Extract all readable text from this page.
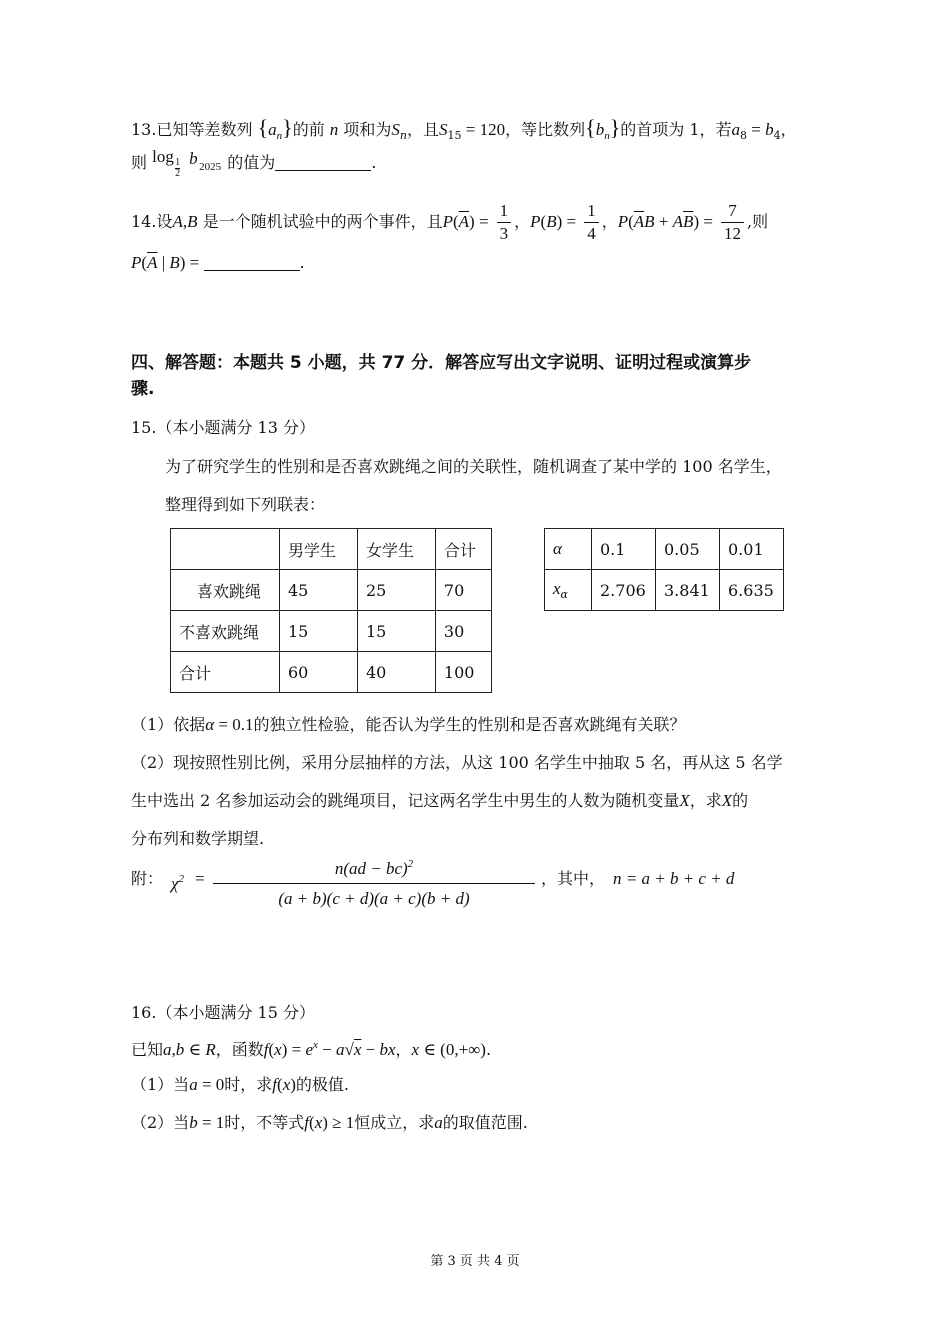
13.已知等差数列 $\{a_n\}$的前 n 项和为$S_n$，且$S_{15} = 120$，等比数列$\{b_n\}$的首项为 1，若$a_8 = b_4$，
则 log 1
2
b 2025 的值为	.
14.设A,B 是一个随机试验中的两个事件，且$P(\overline{A}) = \frac{1}{3}$ ，$P(B) = \frac{1}{4}$ ，$P(\overline{A}B + A\overline{B}) = \frac{7}{12}$ ,则
$P(\overline{A}$ | B) =	.
四、解答题：本题共 5 小题，共 77 分．解答应写出文字说明、证明过程或演算步
骤.
15.（本小题满分 13 分）
为了研究学生的性别和是否喜欢跳绳之间的关联性，随机调查了某中学的 100 名学生，
整理得到如下列联表：
	男学生	女学生	合计
喜欢跳绳	45	25	70
不喜欢跳绳	15	15	30
合计	60	40	100
α	0.1	0.05	0.01
$x_\alpha$	2.706	3.841	6.635
（1）依据α = 0.1的独立性检验，能否认为学生的性别和是否喜欢跳绳有关联？
（2）现按照性别比例，采用分层抽样的方法，从这 100 名学生中抽取 5 名，再从这 5 名学
生中选出 2 名参加运动会的跳绳项目，记这两名学生中男生的人数为随机变量X，求X的
分布列和数学期望.
附： $\chi^2$ =
n(ad − bc)$^2$
(a + b)(c + d)(a + c)(b + d)
，其中， n = a + b + c + d
16.（本小题满分 15 分）
已知a,b ∈ R，函数$f(x) = e^x - a√x$ − bx，x ∈ (0,+∞).
（1）当a = 0时，求f(x)的极值.
（2）当b = 1时，不等式f(x) ≥ 1恒成立，求a的取值范围.
第 3 页 共 4 页
